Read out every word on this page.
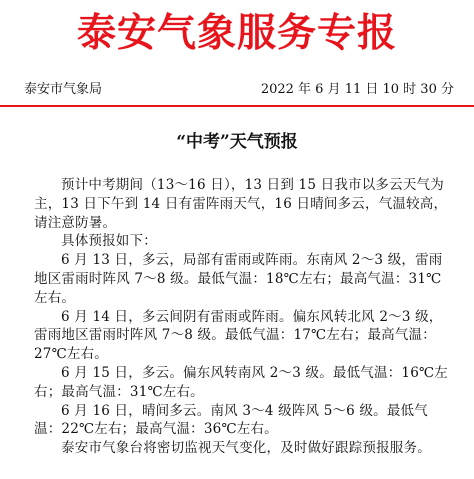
泰安气象服务专报
泰安市气象局	2022 年 6 月 11 日 10 时 30 分
“中考”天气预报

预计中考期间（13～16 日），13 日到 15 日我市以多云天气为主，13 日下午到 14 日有雷阵雨天气，16 日晴间多云，气温较高，请注意防暑。

具体预报如下：

6 月 13 日，多云，局部有雷雨或阵雨。东南风 2～3 级，雷雨地区雷雨时阵风 7～8 级。最低气温：18℃左右；最高气温：31℃左右。

6 月 14 日，多云间阴有雷雨或阵雨。偏东风转北风 2～3 级，雷雨地区雷雨时阵风 7～8 级。最低气温：17℃左右；最高气温：27℃左右。

6 月 15 日，多云。偏东风转南风 2～3 级。最低气温：16℃左右；最高气温：31℃左右。

6 月 16 日，晴间多云。南风 3～4 级阵风 5～6 级。最低气温：22℃左右；最高气温：36℃左右。

泰安市气象台将密切监视天气变化，及时做好跟踪预报服务。
